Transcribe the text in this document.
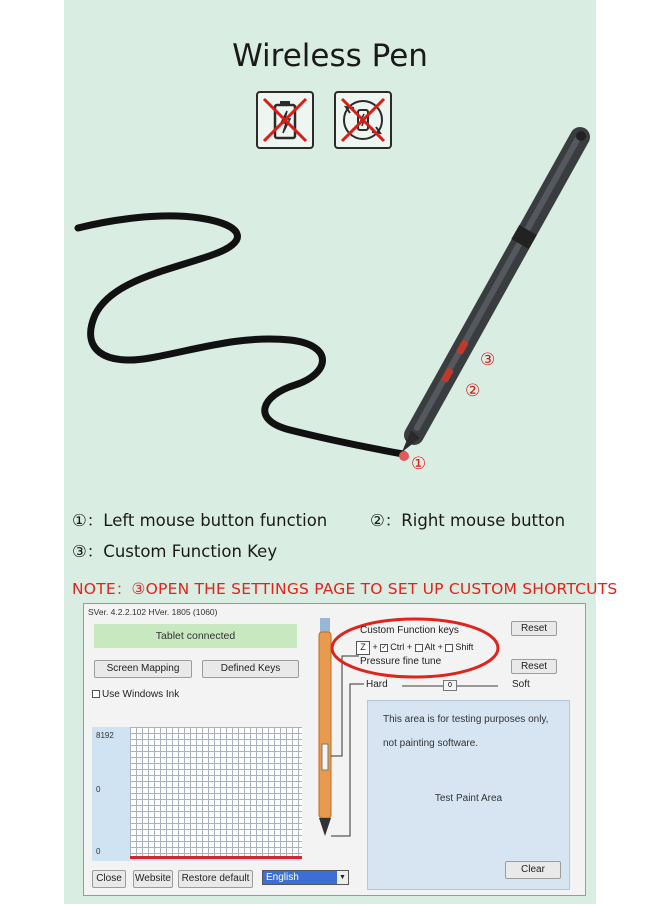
Wireless Pen
①
②
③
①：Left mouse button function	②：Right mouse button
③：Custom Function Key
NOTE：③OPEN THE SETTINGS PAGE TO SET UP CUSTOM SHORTCUTS
SVer. 4.2.2.102 HVer. 1805 (1060)
Tablet connected
Screen Mapping	Defined Keys
Use Windows Ink
8192
0
0
Custom Function keys
Z + ✓ Ctrl + Alt + Shift
Reset
Pressure fine tune	Reset
Hard	0	Soft
This area is for testing purposes only,
not painting software.
Test Paint Area
Clear
Close	Website	Restore default	English	▼
